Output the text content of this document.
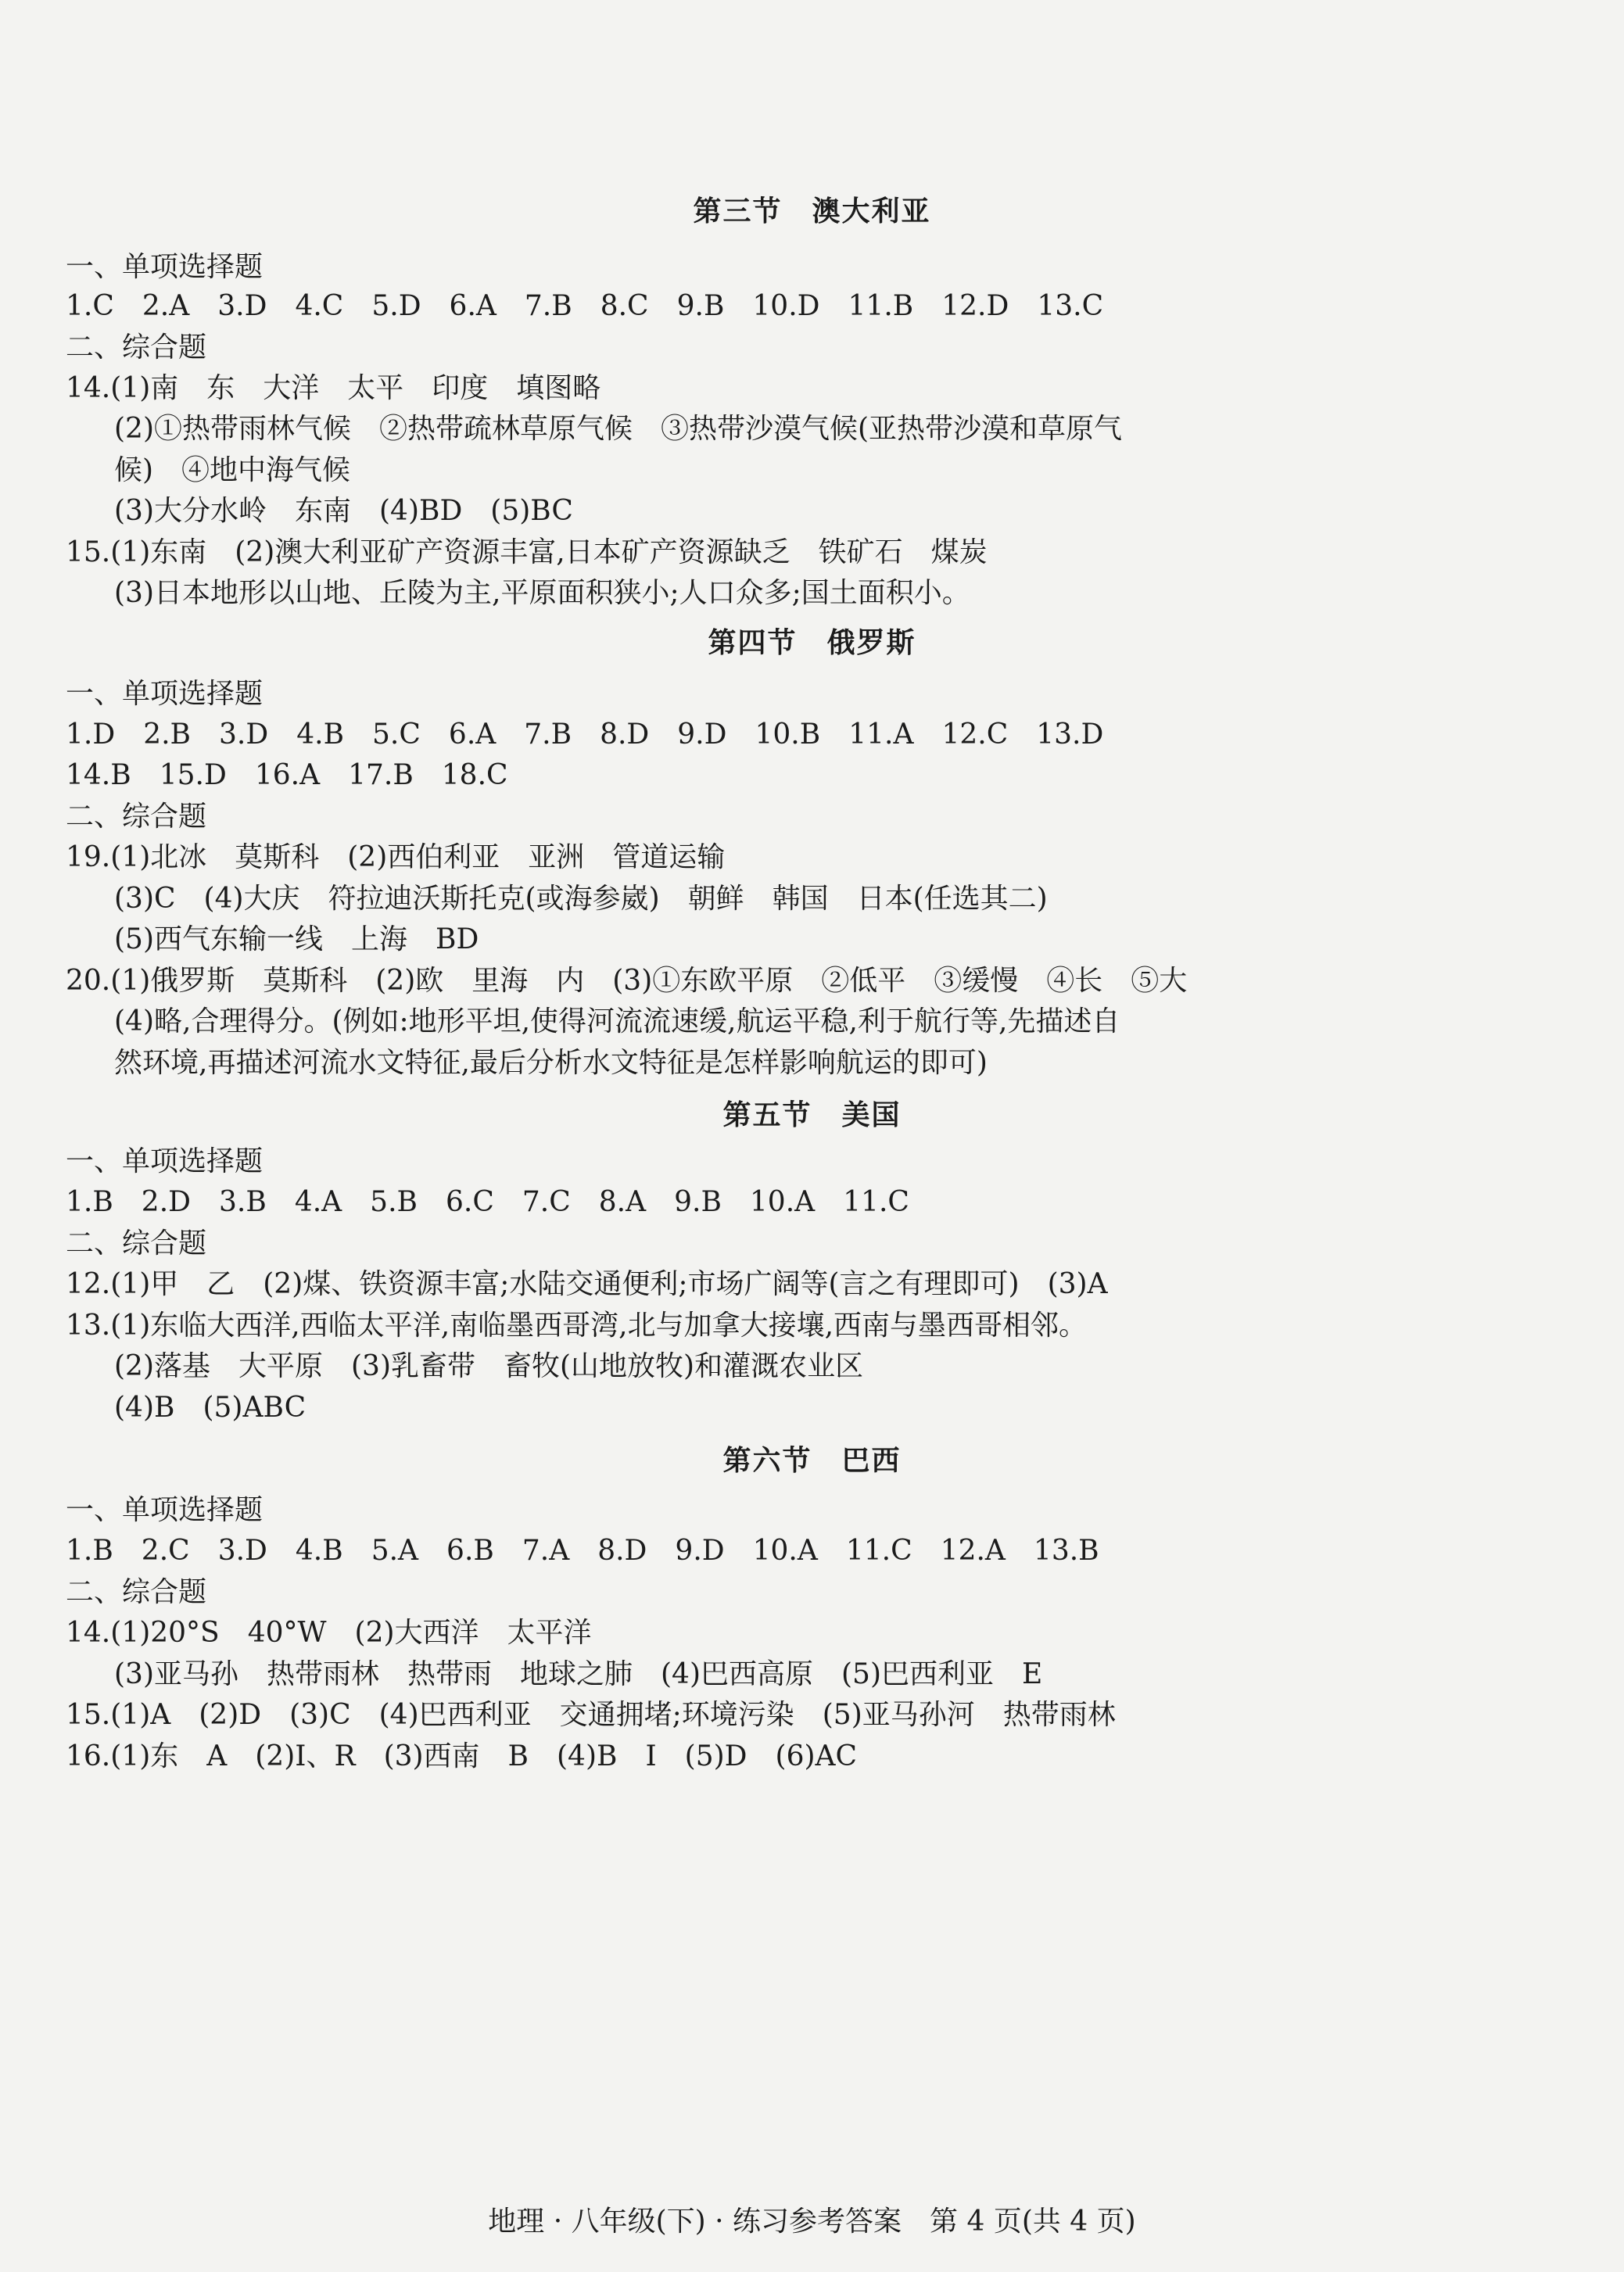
第三节　澳大利亚
一、单项选择题
1.C　2.A　3.D　4.C　5.D　6.A　7.B　8.C　9.B　10.D　11.B　12.D　13.C
二、综合题
14.(1)南　东　大洋　太平　印度　填图略
(2)①热带雨林气候　②热带疏林草原气候　③热带沙漠气候(亚热带沙漠和草原气
候)　④地中海气候
(3)大分水岭　东南　(4)BD　(5)BC
15.(1)东南　(2)澳大利亚矿产资源丰富,日本矿产资源缺乏　铁矿石　煤炭
(3)日本地形以山地、丘陵为主,平原面积狭小;人口众多;国土面积小。
第四节　俄罗斯
一、单项选择题
1.D　2.B　3.D　4.B　5.C　6.A　7.B　8.D　9.D　10.B　11.A　12.C　13.D
14.B　15.D　16.A　17.B　18.C
二、综合题
19.(1)北冰　莫斯科　(2)西伯利亚　亚洲　管道运输
(3)C　(4)大庆　符拉迪沃斯托克(或海参崴)　朝鲜　韩国　日本(任选其二)
(5)西气东输一线　上海　BD
20.(1)俄罗斯　莫斯科　(2)欧　里海　内　(3)①东欧平原　②低平　③缓慢　④长　⑤大
(4)略,合理得分。(例如:地形平坦,使得河流流速缓,航运平稳,利于航行等,先描述自
然环境,再描述河流水文特征,最后分析水文特征是怎样影响航运的即可)
第五节　美国
一、单项选择题
1.B　2.D　3.B　4.A　5.B　6.C　7.C　8.A　9.B　10.A　11.C
二、综合题
12.(1)甲　乙　(2)煤、铁资源丰富;水陆交通便利;市场广阔等(言之有理即可)　(3)A
13.(1)东临大西洋,西临太平洋,南临墨西哥湾,北与加拿大接壤,西南与墨西哥相邻。
(2)落基　大平原　(3)乳畜带　畜牧(山地放牧)和灌溉农业区
(4)B　(5)ABC
第六节　巴西
一、单项选择题
1.B　2.C　3.D　4.B　5.A　6.B　7.A　8.D　9.D　10.A　11.C　12.A　13.B
二、综合题
14.(1)20°S　40°W　(2)大西洋　太平洋
(3)亚马孙　热带雨林　热带雨　地球之肺　(4)巴西高原　(5)巴西利亚　E
15.(1)A　(2)D　(3)C　(4)巴西利亚　交通拥堵;环境污染　(5)亚马孙河　热带雨林
16.(1)东　A　(2)I、R　(3)西南　B　(4)B　I　(5)D　(6)AC
地理 · 八年级(下) · 练习参考答案　第 4 页(共 4 页)
